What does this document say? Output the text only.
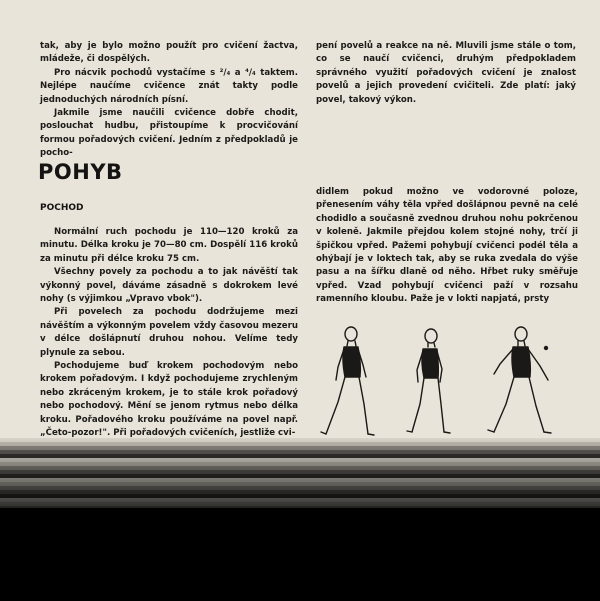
tak, aby je bylo možno použít pro cvičení žactva, mládeže, či dospělých.

Pro nácvik pochodů vystačíme s ²/₄ a ⁴/₄ taktem. Nejlépe naučíme cvičence znát takty podle jednoduchých národních písní.

Jakmile jsme naučili cvičence dobře chodit, poslouchat hudbu, přistoupíme k procvičování formou pořadových cvičení. Jedním z předpokladů je pocho-

pení povelů a reakce na ně. Mluvili jsme stále o tom, co se naučí cvičenci, druhým předpokladem správného využití pořadových cvičení je znalost povelů a jejich provedení cvičiteli. Zde platí: jaký povel, takový výkon.

POHYB
POCHOD

Normální ruch pochodu je 110—120 kroků za minutu. Délka kroku je 70—80 cm. Dospělí 116 kroků za minutu při délce kroku 75 cm.

Všechny povely za pochodu a to jak návěští tak výkonný povel, dáváme zásadně s dokrokem levé nohy (s výjimkou „Vpravo vbok").

Při povelech za pochodu dodržujeme mezi návěštím a výkonným povelem vždy časovou mezeru v délce došlápnutí druhou nohou. Velíme tedy plynule za sebou.

Pochodujeme buď krokem pochodovým nebo krokem pořadovým. I když pochodujeme zrychleným nebo zkráceným krokem, je to stále krok pořadový nebo pochodový. Mění se jenom rytmus nebo délka kroku. Pořadového kroku používáme na povel např. „Četo-pozor!". Při pořadových cvičeních, jestliže cvi-

didlem pokud možno ve vodorovné poloze, přenesením váhy těla vpřed došlápnou pevně na celé chodidlo a současně zvednou druhou nohu pokrčenou v koleně. Jakmile přejdou kolem stojné nohy, trčí ji špičkou vpřed. Pažemi pohybují cvičenci podél těla a ohýbají je v loktech tak, aby se ruka zvedala do výše pasu a na šířku dlaně od něho. Hřbet ruky směřuje vpřed. Vzad pohybují cvičenci paží v rozsahu ramenního kloubu. Paže je v lokti napjatá, prsty
